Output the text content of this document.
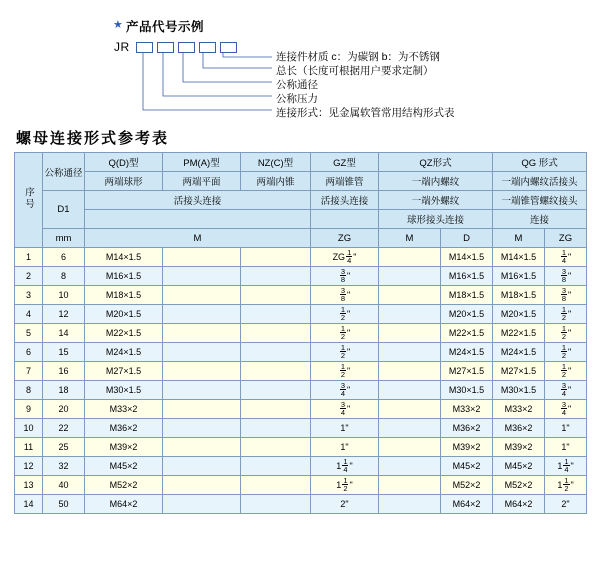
★ 产品代号示例
JR
连接件材质 c：为碳钢 b：为不锈钢
总长（长度可根据用户要求定制）
公称通径
公称压力
连接形式：见金属软管常用结构形式表
螺母连接形式参考表
序号	公称通径	Q(D)型	PM(A)型	NZ(C)型	GZ型	QZ形式		QG 形式	
		两端球形	两端平面	两端内锥	两端锥管	一端内螺纹		一端内螺纹活接头	
	D1	活接头连接			活接头连接	一端外螺纹		一端锥管螺纹接头	
						球形接头连接		连接	
	mm	M			ZG	M	D	M	ZG
1	6	M14×1.5			ZG $\frac{1}{4}$ "		M14×1.5	M14×1.5	$\frac{1}{4}$ "

2	8	M16×1.5			$\frac{3}{8}$ "		M16×1.5	M16×1.5	$\frac{3}{8}$ "

3	10	M18×1.5			$\frac{3}{8}$ "		M18×1.5	M18×1.5	$\frac{3}{8}$ "

4	12	M20×1.5			$\frac{1}{2}$ "		M20×1.5	M20×1.5	$\frac{1}{2}$ "

5	14	M22×1.5			$\frac{1}{2}$ "		M22×1.5	M22×1.5	$\frac{1}{2}$ "

6	15	M24×1.5			$\frac{1}{2}$ "		M24×1.5	M24×1.5	$\frac{1}{2}$ "

7	16	M27×1.5			$\frac{1}{2}$ "		M27×1.5	M27×1.5	$\frac{1}{2}$ "

8	18	M30×1.5			$\frac{3}{4}$ "		M30×1.5	M30×1.5	$\frac{3}{4}$ "

9	20	M33×2			$\frac{3}{4}$ "		M33×2	M33×2	$\frac{3}{4}$ "

10	22	M36×2			1"		M36×2	M36×2	1"
11	25	M39×2			1"		M39×2	M39×2	1"
12	32	M45×2			$1 \frac{1}{4}$ "		M45×2	M45×2	$1 \frac{1}{4}$ "

13	40	M52×2			$1 \frac{1}{2}$ "		M52×2	M52×2	$1 \frac{1}{2}$ "

14	50	M64×2			2"		M64×2	M64×2	2"
